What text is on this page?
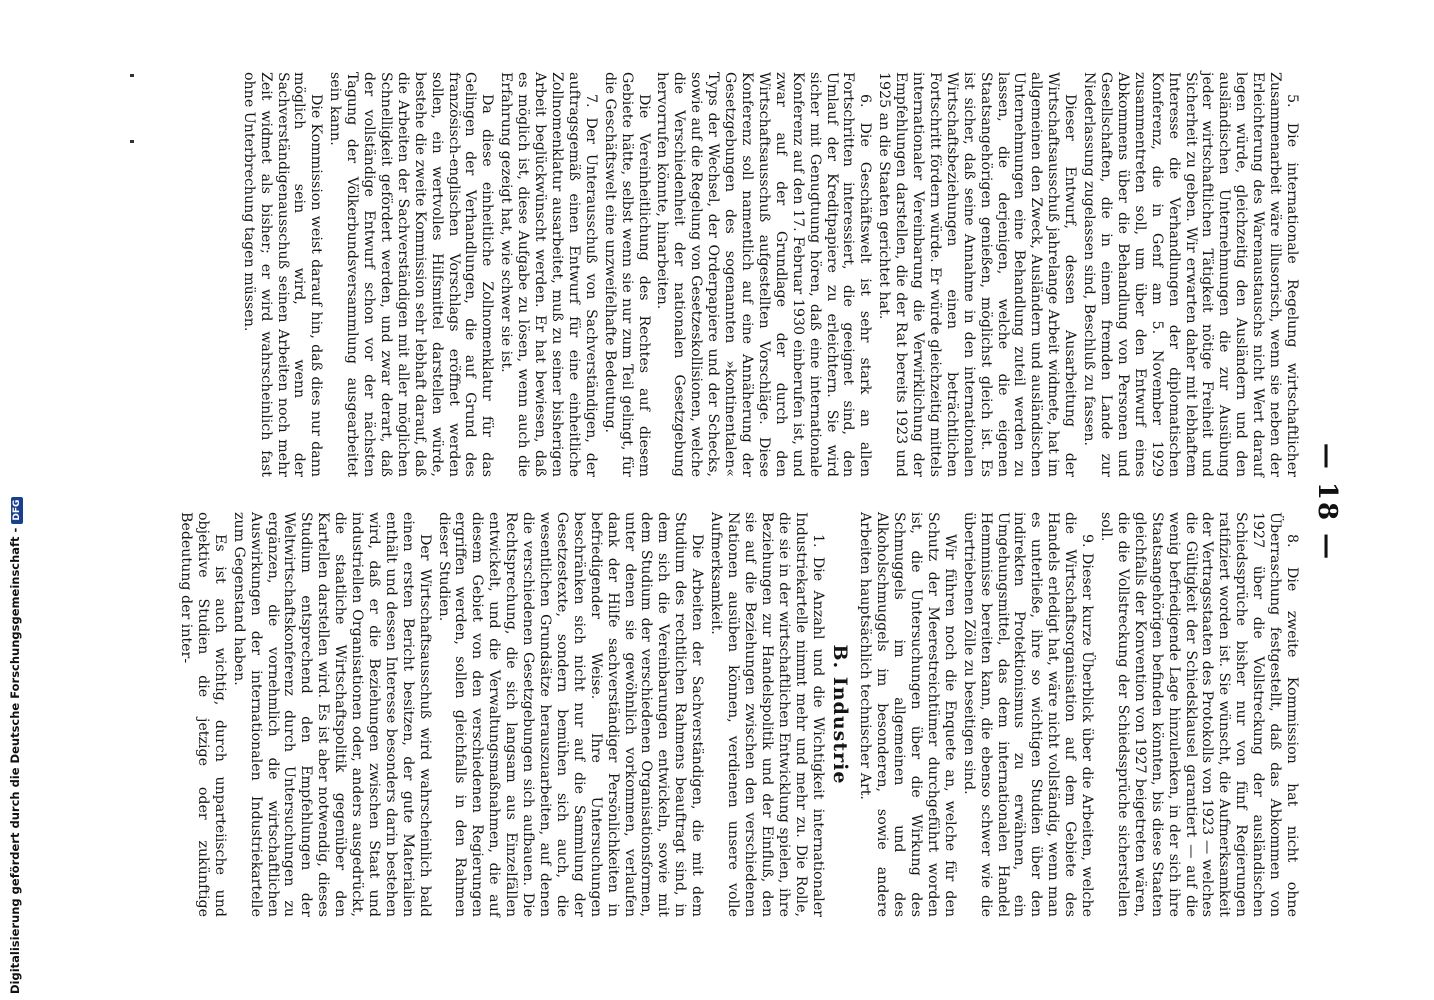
— 18 —

5. Die internationale Regelung wirtschaftlicher Zusammenarbeit wäre illusorisch, wenn sie neben der Erleichterung des Warenaustauschs nicht Wert darauf legen würde, gleichzeitig den Ausländern und den ausländischen Unternehmungen die zur Ausübung jeder wirtschaftlichen Tätigkeit nötige Freiheit und Sicherheit zu geben. Wir erwarten daher mit lebhaftem Interesse die Verhandlungen der diplomatischen Konferenz, die in Genf am 5. November 1929 zusammentreten soll, um über den Entwurf eines Abkommens über die Behandlung von Personen und Gesellschaften, die in einem fremden Lande zur Niederlassung zugelassen sind, Beschluß zu fassen.

Dieser Entwurf, dessen Ausarbeitung der Wirtschaftsausschuß jahrelange Arbeit widmete, hat im allgemeinen den Zweck, Ausländern und ausländischen Unternehmungen eine Behandlung zuteil werden zu lassen, die derjenigen, welche die eigenen Staatsangehörigen genießen, möglichst gleich ist. Es ist sicher, daß seine Annahme in den internationalen Wirtschaftsbeziehungen einen beträchtlichen Fortschritt fördern würde. Er würde gleichzeitig mittels internationaler Vereinbarung die Verwirklichung der Empfehlungen darstellen, die der Rat bereits 1923 und 1925 an die Staaten gerichtet hat.

6. Die Geschäftswelt ist sehr stark an allen Fortschritten interessiert, die geeignet sind, den Umlauf der Kreditpapiere zu erleichtern. Sie wird sicher mit Genugtuung hören, daß eine internationale Konferenz auf den 17. Februar 1930 einberufen ist, und zwar auf der Grundlage der durch den Wirtschaftsausschuß aufgestellten Vorschläge. Diese Konferenz soll namentlich auf eine Annäherung der Gesetzgebungen des sogenannten »kontinentalen« Typs der Wechsel, der Orderpapiere und der Schecks, sowie auf die Regelung von Gesetzeskollisionen, welche die Verschiedenheit der nationalen Gesetzgebung hervorrufen könnte, hinarbeiten.

Die Vereinheitlichung des Rechtes auf diesem Gebiete hätte, selbst wenn sie nur zum Teil gelingt, für die Geschäftswelt eine unzweifelhafte Bedeutung.

7. Der Unterausschuß von Sachverständigen, der auftragsgemäß einen Entwurf für eine einheitliche Zollnomenklatur ausarbeitet, muß zu seiner bisherigen Arbeit beglückwünscht werden. Er hat bewiesen, daß es möglich ist, diese Aufgabe zu lösen, wenn auch die Erfahrung gezeigt hat, wie schwer sie ist.

Da diese einheitliche Zollnomenklatur für das Gelingen der Verhandlungen, die auf Grund des französisch-englischen Vorschlags eröffnet werden sollen, ein wertvolles Hilfsmittel darstellen würde, bestehe die zweite Kommission sehr lebhaft darauf, daß die Arbeiten der Sachverständigen mit aller möglichen Schnelligkeit gefördert werden, und zwar derart, daß der vollständige Entwurf schon vor der nächsten Tagung der Völkerbundsversammlung ausgearbeitet sein kann.

Die Kommission weist darauf hin, daß dies nur dann möglich sein wird, wenn der Sachverständigenausschuß seinen Arbeiten noch mehr Zeit widmet als bisher; er wird wahrscheinlich fast ohne Unterbrechung tagen müssen.

8. Die zweite Kommission hat nicht ohne Überraschung festgestellt, daß das Abkommen von 1927 über die Vollstreckung der ausländischen Schiedssprüche bisher nur von fünf Regierungen ratifiziert worden ist. Sie wünscht, die Aufmerksamkeit der Vertragsstaaten des Protokolls von 1923 — welches die Gültigkeit der Schiedsklausel garantiert — auf die wenig befriedigende Lage hinzulenken, in der sich ihre Staatsangehörigen befinden könnten, bis diese Staaten gleichfalls der Konvention von 1927 beigetreten wären, die die Vollstreckung der Schiedssprüche sicherstellen soll.

9. Dieser kurze Überblick über die Arbeiten, welche die Wirtschaftsorganisation auf dem Gebiete des Handels erledigt hat, wäre nicht vollständig, wenn man es unterließe, ihre so wichtigen Studien über den indirekten Protektionismus zu erwähnen, ein Umgehungsmittel, das dem internationalen Handel Hemmnisse bereiten kann, die ebenso schwer wie die übertriebenen Zölle zu beseitigen sind.

Wir führen noch die Enquete an, welche für den Schutz der Meerestreichtümer durchgeführt worden ist, die Untersuchungen über die Wirkung des Schmuggels im allgemeinen und des Alkoholschmuggels im besonderen, sowie andere Arbeiten hauptsächlich technischer Art.

B. Industrie

1. Die Anzahl und die Wichtigkeit internationaler Industriekartelle nimmt mehr und mehr zu. Die Rolle, die sie in der wirtschaftlichen Entwicklung spielen, ihre Beziehungen zur Handelspolitik und der Einfluß, den sie auf die Beziehungen zwischen den verschiedenen Nationen ausüben können, verdienen unsere volle Aufmerksamkeit.

Die Arbeiten der Sachverständigen, die mit dem Studium des rechtlichen Rahmens beauftragt sind, in dem sich die Vereinbarungen entwickeln, sowie mit dem Studium der verschiedenen Organisationsformen, unter denen sie gewöhnlich vorkommen, verlaufen dank der Hilfe sachverständiger Persönlichkeiten in befriedigender Weise. Ihre Untersuchungen beschränken sich nicht nur auf die Sammlung der Gesetzestexte, sondern bemühen sich auch, die wesentlichen Grundsätze herauszuarbeiten, auf denen die verschiedenen Gesetzgebungen sich aufbauen. Die Rechtsprechung, die sich langsam aus Einzelfällen entwickelt, und die Verwaltungsmaßnahmen, die auf diesem Gebiet von den verschiedenen Regierungen ergriffen werden, sollen gleichfalls in den Rahmen dieser Studien.

Der Wirtschaftsausschuß wird wahrscheinlich bald einen ersten Bericht besitzen, der gute Materialien enthält und dessen Interesse besonders darin bestehen wird, daß er die Beziehungen zwischen Staat und industriellen Organisationen oder, anders ausgedrückt, die staatliche Wirtschaftspolitik gegenüber den Kartellen darstellen wird. Es ist aber notwendig, dieses Studium entsprechend den Empfehlungen der Weltwirtschaftskonferenz durch Untersuchungen zu ergänzen, die vornehmlich die wirtschaftlichen Auswirkungen der internationalen Industriekartelle zum Gegenstand haben.

Es ist auch wichtig, durch unparteiische und objektive Studien die jetzige oder zukünftige Bedeutung der inter-

Digitalisierung gefördert durch die Deutsche Forschungsgemeinschaft -DFG
